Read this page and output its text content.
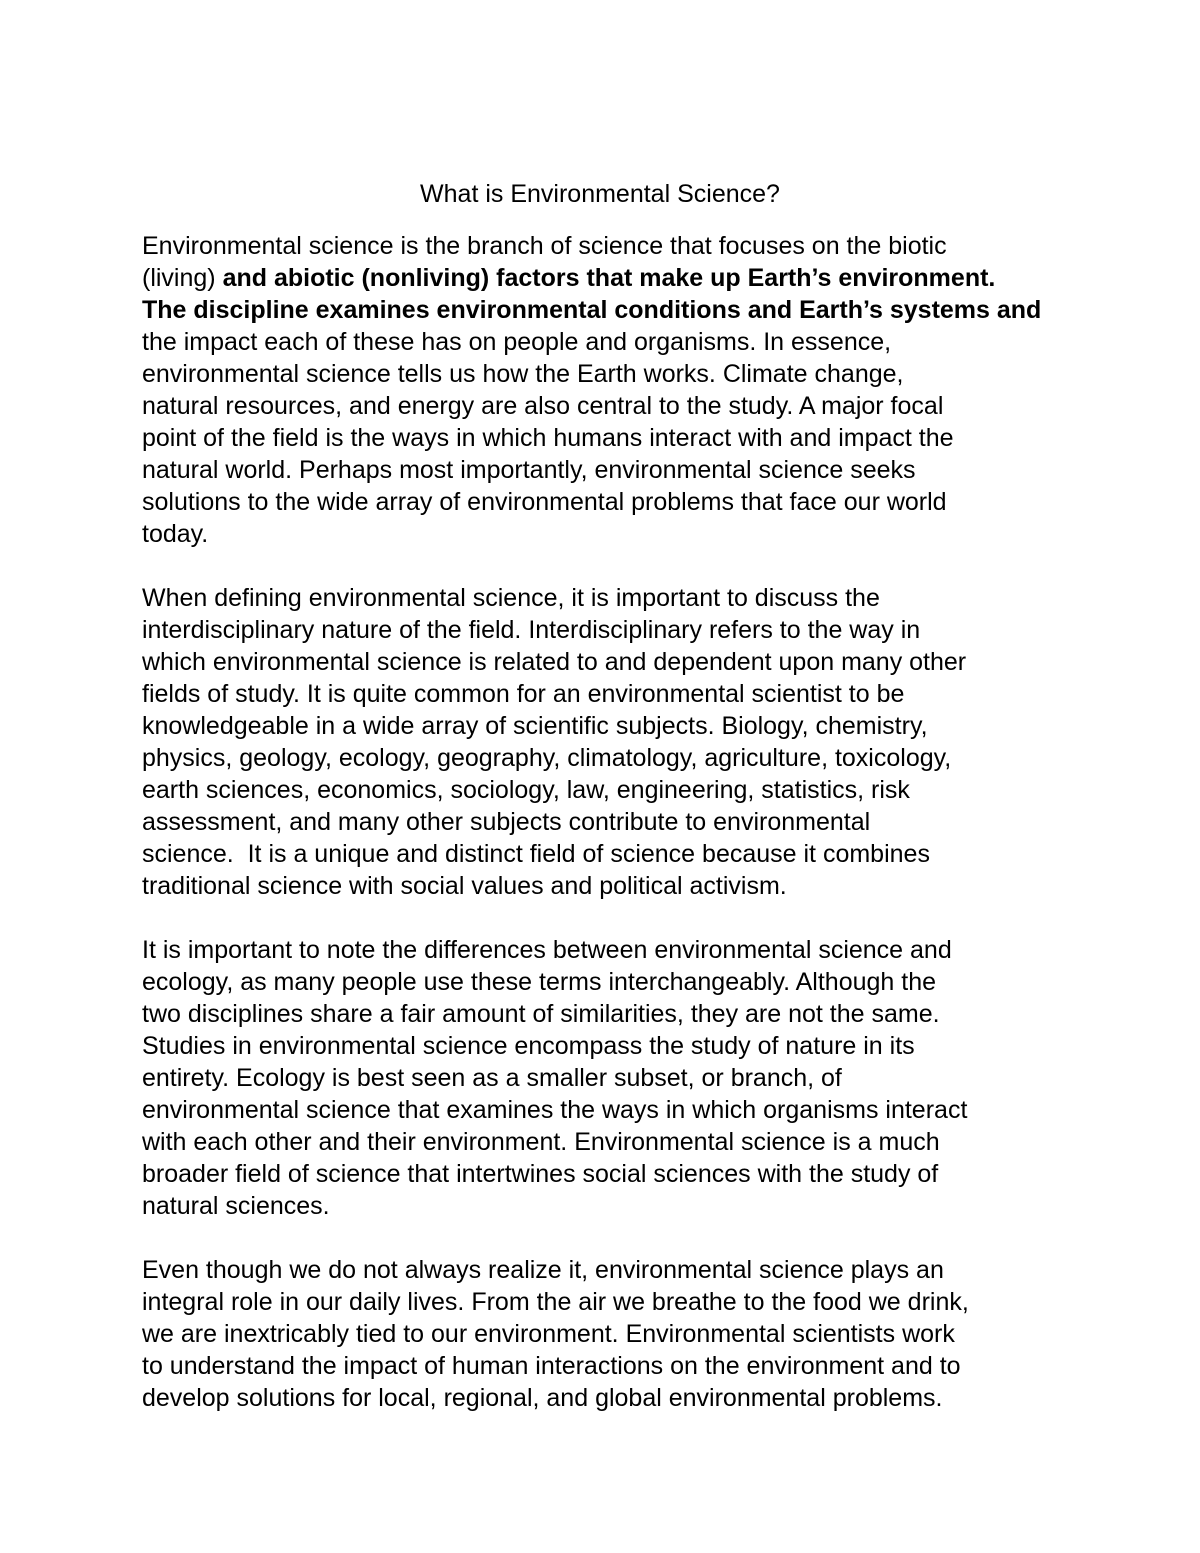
What is Environmental Science?
Environmental science is the branch of science that focuses on the biotic
(living) and abiotic (nonliving) factors that make up Earth’s environment.
The discipline examines environmental conditions and Earth’s systems and
the impact each of these has on people and organisms. In essence,
environmental science tells us how the Earth works. Climate change,
natural resources, and energy are also central to the study. A major focal
point of the field is the ways in which humans interact with and impact the
natural world. Perhaps most importantly, environmental science seeks
solutions to the wide array of environmental problems that face our world
today.
When defining environmental science, it is important to discuss the
interdisciplinary nature of the field. Interdisciplinary refers to the way in
which environmental science is related to and dependent upon many other
fields of study. It is quite common for an environmental scientist to be
knowledgeable in a wide array of scientific subjects. Biology, chemistry,
physics, geology, ecology, geography, climatology, agriculture, toxicology,
earth sciences, economics, sociology, law, engineering, statistics, risk
assessment, and many other subjects contribute to environmental
science.  It is a unique and distinct field of science because it combines
traditional science with social values and political activism.
It is important to note the differences between environmental science and
ecology, as many people use these terms interchangeably. Although the
two disciplines share a fair amount of similarities, they are not the same.
Studies in environmental science encompass the study of nature in its
entirety. Ecology is best seen as a smaller subset, or branch, of
environmental science that examines the ways in which organisms interact
with each other and their environment. Environmental science is a much
broader field of science that intertwines social sciences with the study of
natural sciences.
Even though we do not always realize it, environmental science plays an
integral role in our daily lives. From the air we breathe to the food we drink,
we are inextricably tied to our environment. Environmental scientists work
to understand the impact of human interactions on the environment and to
develop solutions for local, regional, and global environmental problems.
